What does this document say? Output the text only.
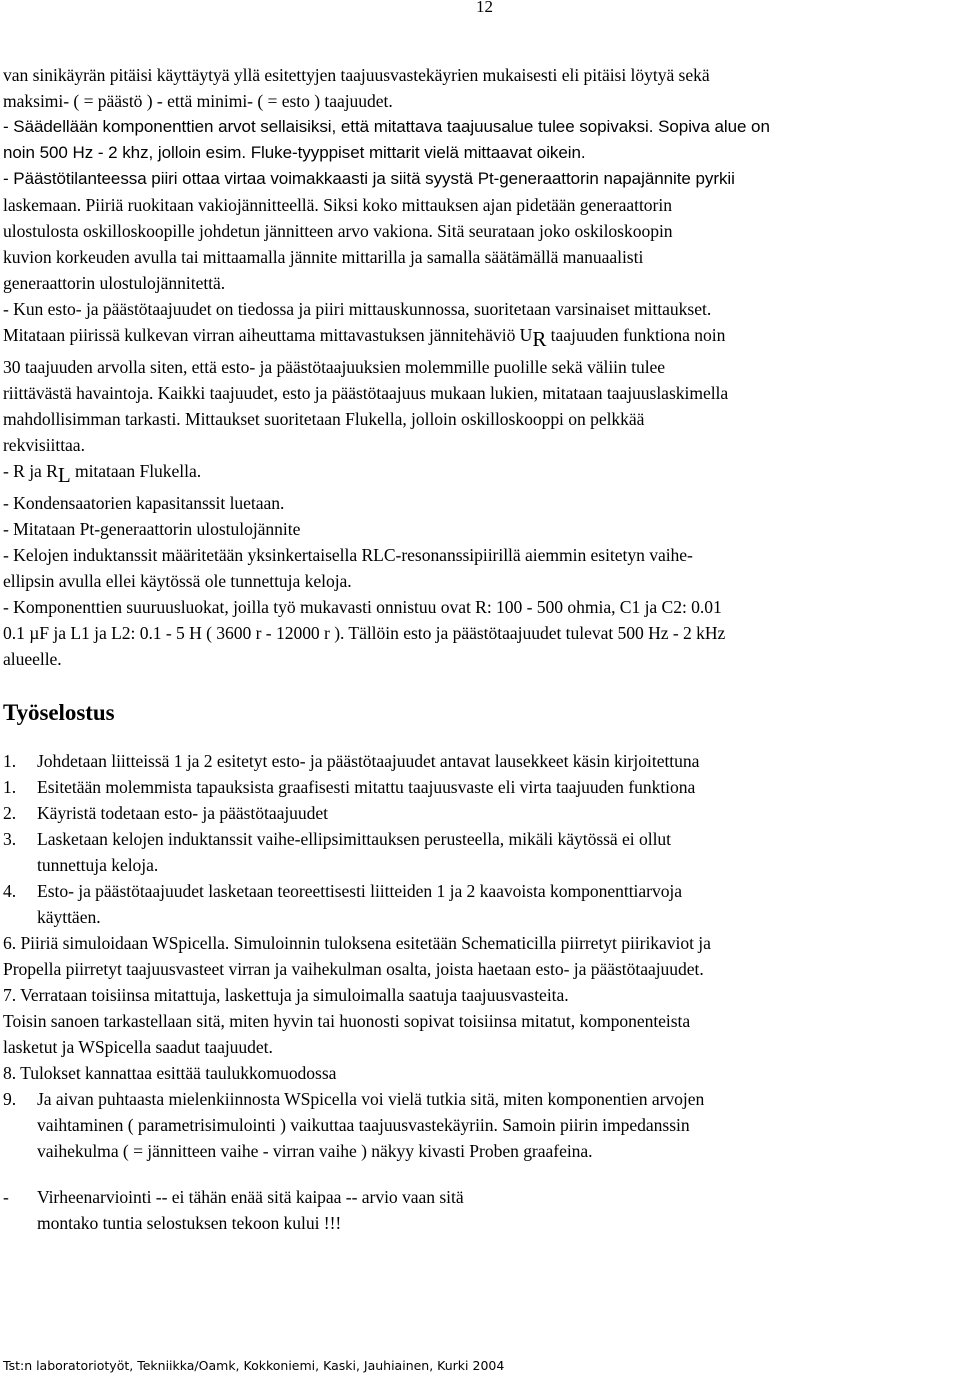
12
van sinikäyrän pitäisi käyttäytyä yllä esitettyjen taajuusvastekäyrien mukaisesti eli pitäisi löytyä sekä
maksimi- ( = päästö ) - että minimi- ( = esto ) taajuudet.
- Säädellään komponenttien arvot sellaisiksi, että mitattava taajuusalue tulee sopivaksi. Sopiva alue on
noin 500 Hz - 2 khz, jolloin esim. Fluke-tyyppiset mittarit vielä mittaavat oikein.
- Päästötilanteessa piiri ottaa virtaa voimakkaasti ja siitä syystä Pt-generaattorin napajännite pyrkii
laskemaan. Piiriä ruokitaan vakiojännitteellä. Siksi koko mittauksen ajan pidetään generaattorin
ulostulosta oskilloskoopille johdetun jännitteen arvo vakiona. Sitä seurataan joko oskiloskoopin
kuvion korkeuden avulla tai mittaamalla jännite mittarilla ja samalla säätämällä manuaalisti
generaattorin ulostulojännitettä.
- Kun esto- ja päästötaajuudet on tiedossa ja piiri mittauskunnossa, suoritetaan varsinaiset mittaukset.
Mitataan piirissä kulkevan virran aiheuttama mittavastuksen jännitehäviö UR taajuuden funktiona noin
30 taajuuden arvolla siten, että esto- ja päästötaajuuksien molemmille puolille sekä väliin tulee
riittävästä havaintoja. Kaikki taajuudet, esto ja päästötaajuus mukaan lukien, mitataan taajuuslaskimella
mahdollisimman tarkasti. Mittaukset suoritetaan Flukella, jolloin oskilloskooppi on pelkkää
rekvisiittaa.
- R ja RL mitataan Flukella.
- Kondensaatorien kapasitanssit luetaan.
- Mitataan Pt-generaattorin ulostulojännite
- Kelojen induktanssit määritetään yksinkertaisella RLC-resonanssipiirillä aiemmin esitetyn vaihe-
ellipsin avulla ellei käytössä ole tunnettuja keloja.
- Komponenttien suuruusluokat, joilla työ mukavasti onnistuu ovat R: 100 - 500 ohmia, C1 ja C2: 0.01
0.1 µF ja L1 ja L2: 0.1 - 5 H ( 3600 r - 12000 r ). Tällöin esto ja päästötaajuudet tulevat 500 Hz - 2 kHz
alueelle.
Työselostus
1.	Johdetaan liitteissä 1 ja 2 esitetyt esto- ja päästötaajuudet antavat lausekkeet käsin kirjoitettuna
1.	Esitetään molemmista tapauksista graafisesti mitattu taajuusvaste eli virta taajuuden funktiona
2.	Käyristä todetaan esto- ja päästötaajuudet
3.	Lasketaan kelojen induktanssit vaihe-ellipsimittauksen perusteella, mikäli käytössä ei ollut
tunnettuja keloja.
4.	Esto- ja päästötaajuudet lasketaan teoreettisesti liitteiden 1 ja 2 kaavoista komponenttiarvoja
käyttäen.
6. Piiriä simuloidaan WSpicella. Simuloinnin tuloksena esitetään Schematicilla piirretyt piirikaviot ja
Propella piirretyt taajuusvasteet virran ja vaihekulman osalta, joista haetaan esto- ja päästötaajuudet.
7. Verrataan toisiinsa mitattuja, laskettuja ja simuloimalla saatuja taajuusvasteita.
Toisin sanoen tarkastellaan sitä, miten hyvin tai huonosti sopivat toisiinsa mitatut, komponenteista
lasketut ja WSpicella saadut taajuudet.
8. Tulokset kannattaa esittää taulukkomuodossa
9.	Ja aivan puhtaasta mielenkiinnosta WSpicella voi vielä tutkia sitä, miten komponentien arvojen
vaihtaminen ( parametrisimulointi ) vaikuttaa taajuusvastekäyriin. Samoin piirin impedanssin
vaihekulma ( = jännitteen vaihe - virran vaihe ) näkyy kivasti Proben graafeina.
-	Virheenarviointi -- ei tähän enää sitä kaipaa -- arvio vaan sitä
montako tuntia selostuksen tekoon kului !!!
Tst:n laboratoriotyöt, Tekniikka/Oamk, Kokkoniemi, Kaski, Jauhiainen, Kurki 2004
